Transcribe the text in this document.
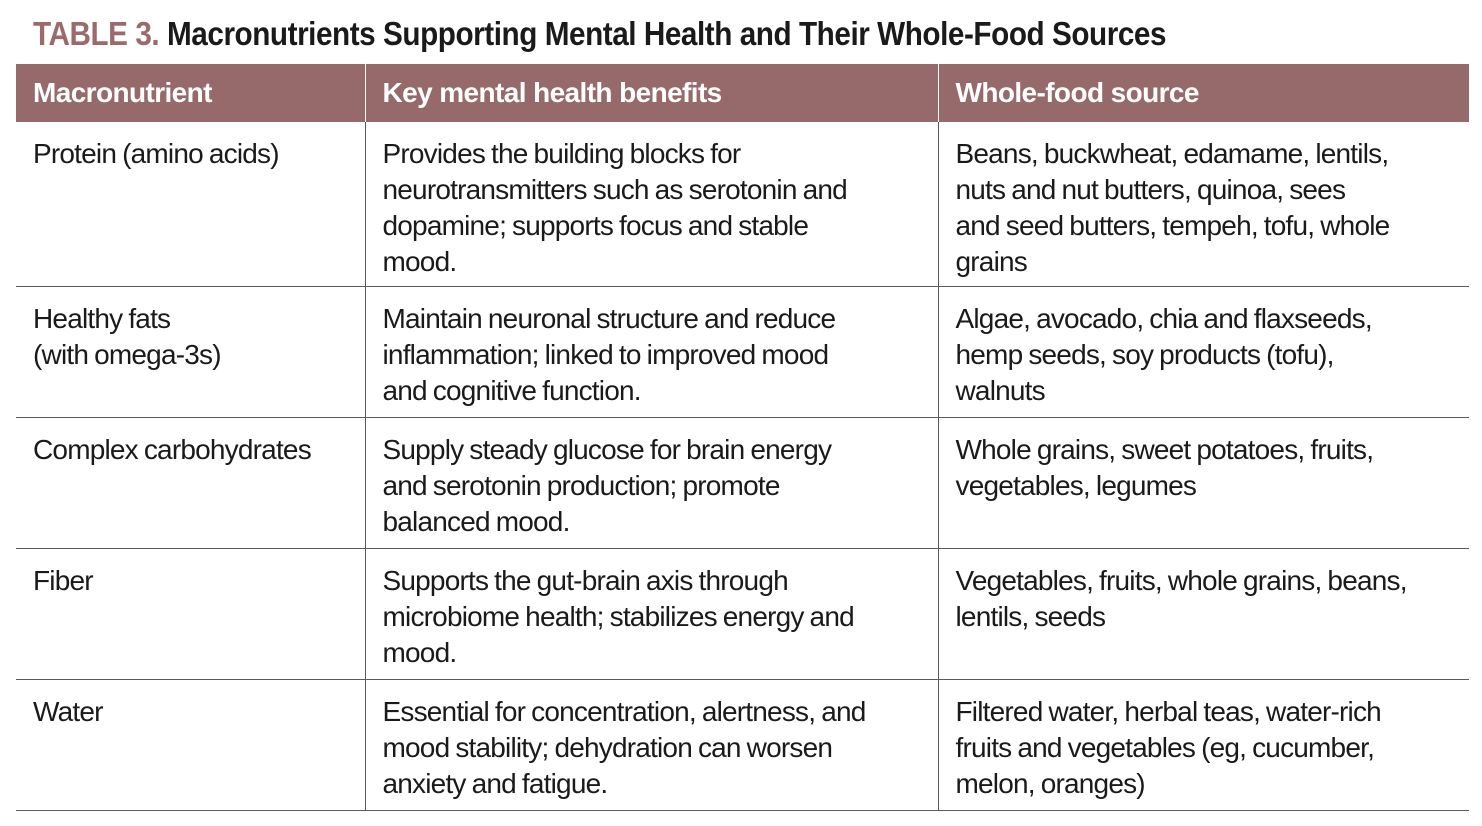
TABLE 3. Macronutrients Supporting Mental Health and Their Whole-Food Sources
Macronutrient	Key mental health benefits	Whole-food source

Protein (amino acids)	Provides the building blocks for
neurotransmitters such as serotonin and
dopamine; supports focus and stable
mood.	Beans, buckwheat, edamame, lentils,
nuts and nut butters, quinoa, sees
and seed butters, tempeh, tofu, whole
grains

Healthy fats
(with omega-3s)	Maintain neuronal structure and reduce
inflammation; linked to improved mood
and cognitive function.	Algae, avocado, chia and flaxseeds,
hemp seeds, soy products (tofu),
walnuts

Complex carbohydrates	Supply steady glucose for brain energy
and serotonin production; promote
balanced mood.	Whole grains, sweet potatoes, fruits,
vegetables, legumes

Fiber	Supports the gut-brain axis through
microbiome health; stabilizes energy and
mood.	Vegetables, fruits, whole grains, beans,
lentils, seeds

Water	Essential for concentration, alertness, and
mood stability; dehydration can worsen
anxiety and fatigue.	Filtered water, herbal teas, water-rich
fruits and vegetables (eg, cucumber,
melon, oranges)
